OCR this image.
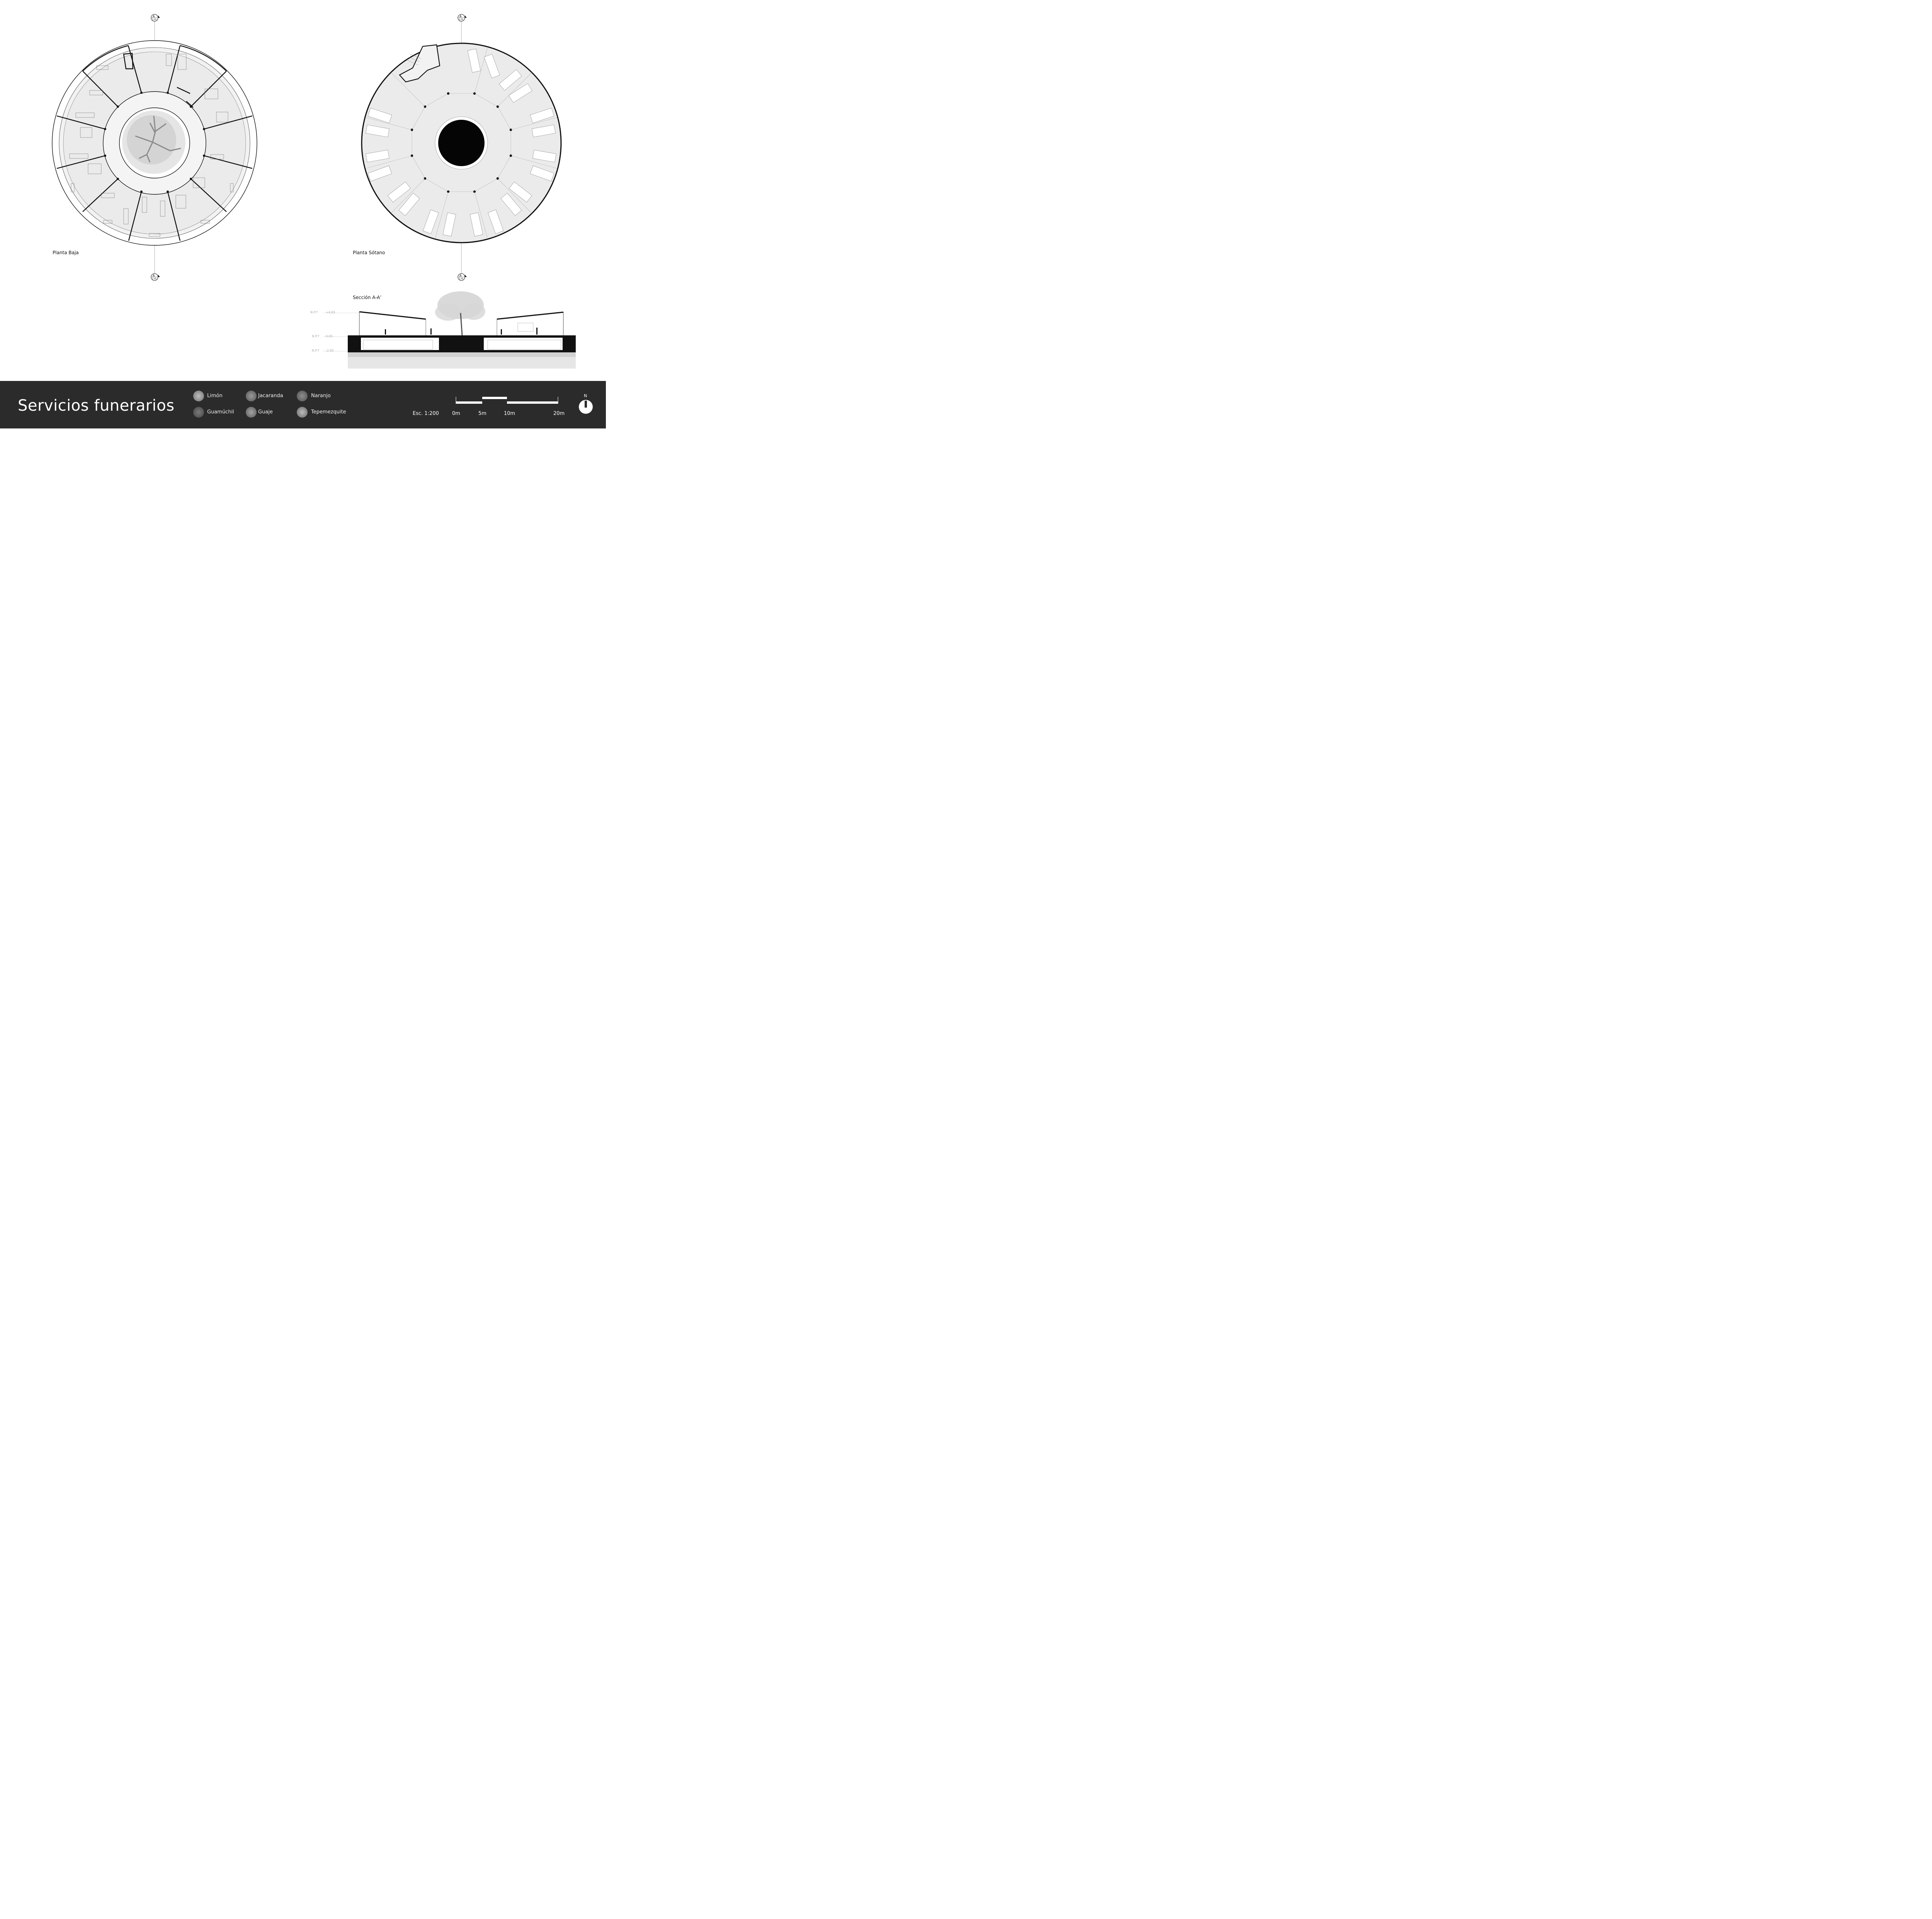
Planta Baja	Planta Sótano
Sección A-A’
A
1.01
A
1.01
A
1.01
A
1.01
N.P.T	+4.65
N.P.T 0.05
N.P.T -2.85
Servicios funerarios
Limón	Jacaranda	Naranjo
Guamúchil	Guaje	Tepemezquite	Esc. 1:200	0m	5m	10m	20m
N
